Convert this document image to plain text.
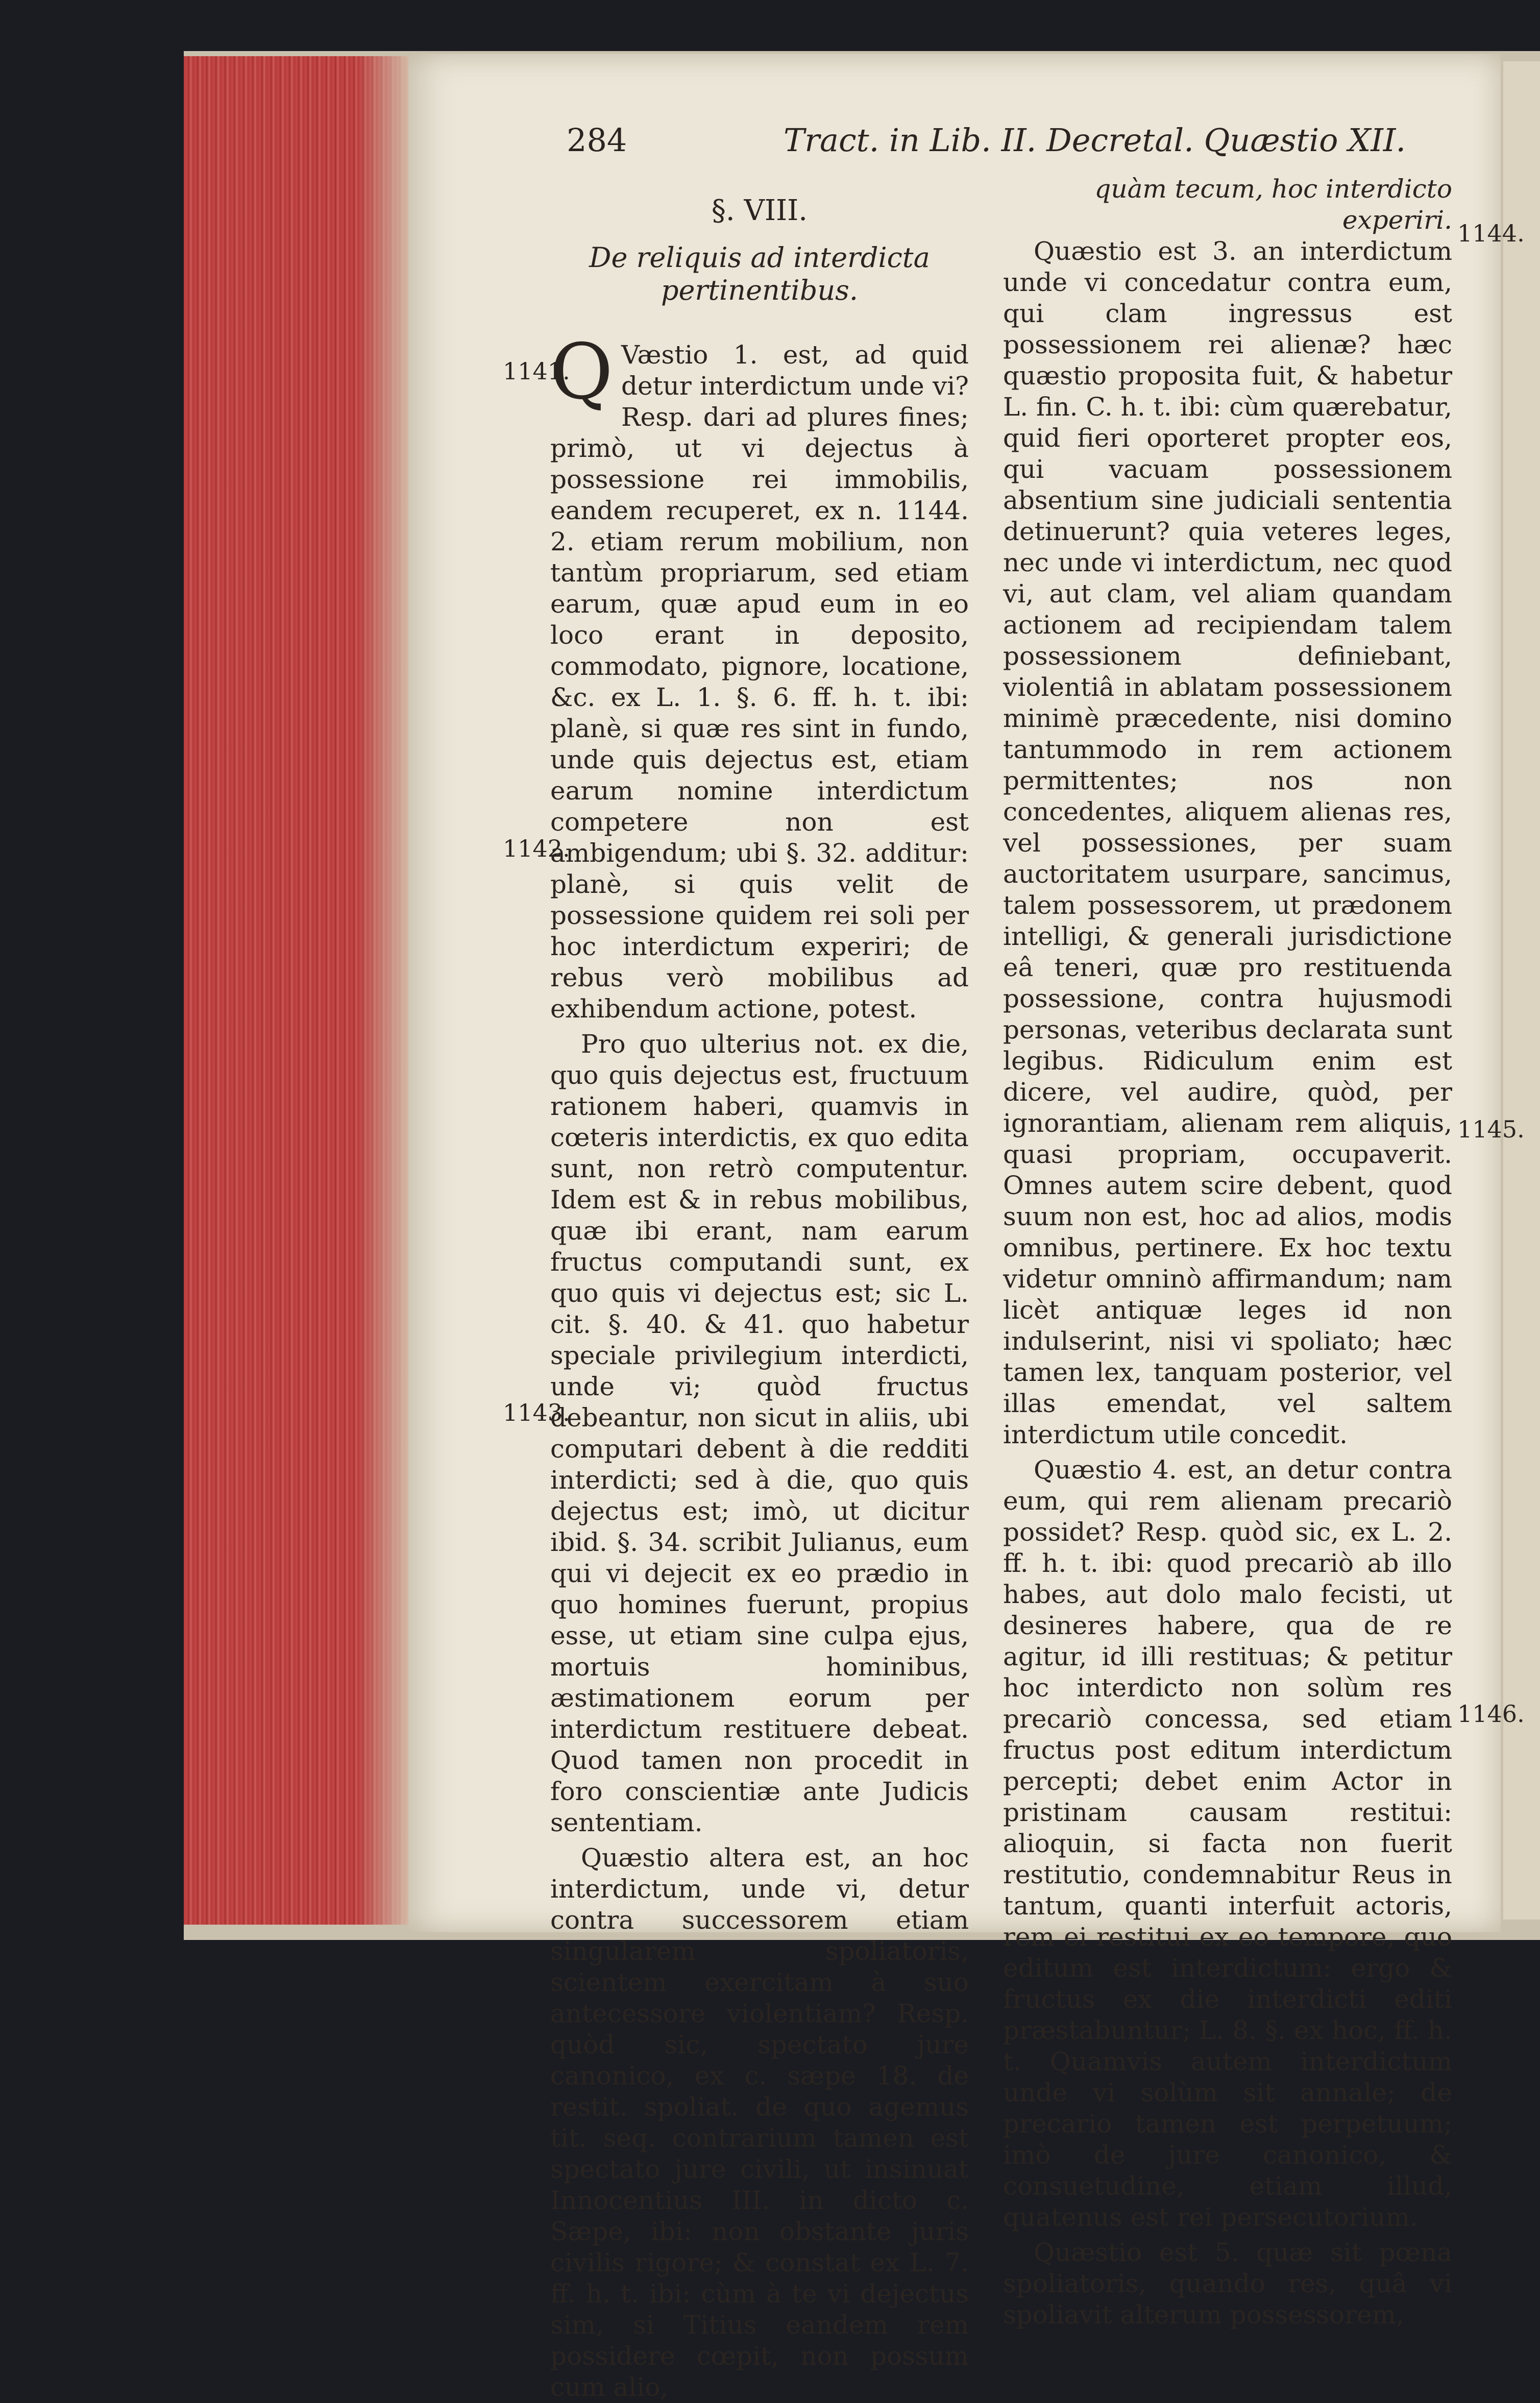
284	Tract. in Lib. II. Decretal. Quæstio XII.
1141.
1142.
1143.
1144.
1145.
1146.
§. VIII.
De reliquis ad interdicta pertinentibus.

Q Væstio 1. est, ad quid detur interdictum unde vi? Resp. dari ad plures fines; primò, ut vi dejectus à possessione rei immobilis, eandem recuperet, ex n. 1144. 2. etiam rerum mobilium, non tantùm propriarum, sed etiam earum, quæ apud eum in eo loco erant in deposito, commodato, pignore, locatione, &c. ex L. 1. §. 6. ff. h. t. ibi: planè, si quæ res sint in fundo, unde quis dejectus est, etiam earum nomine interdictum competere non est ambigendum; ubi §. 32. additur: planè, si quis velit de possessione quidem rei soli per hoc interdictum experiri; de rebus verò mobilibus ad exhibendum actione, potest.

Pro quo ulterius not. ex die, quo quis dejectus est, fructuum rationem haberi, quamvis in cœteris interdictis, ex quo edita sunt, non retrò computentur. Idem est & in rebus mobilibus, quæ ibi erant, nam earum fructus computandi sunt, ex quo quis vi dejectus est; sic L. cit. §. 40. & 41. quo habetur speciale privilegium interdicti, unde vi; quòd fructus debeantur, non sicut in aliis, ubi computari debent à die redditi interdicti; sed à die, quo quis dejectus est; imò, ut dicitur ibid. §. 34. scribit Julianus, eum qui vi dejecit ex eo prædio in quo homines fuerunt, propius esse, ut etiam sine culpa ejus, mortuis hominibus, æstimationem eorum per interdictum restituere debeat. Quod tamen non procedit in foro conscientiæ ante Judicis sententiam.

Quæstio altera est, an hoc interdictum, unde vi, detur contra successorem etiam singularem spoliatoris, scientem exercitam à suo antecessore violentiam? Resp. quòd sic, spectato jure canonico, ex c. sæpe 18. de restit. spoliat. de quo agemus tit. seq. contrarium tamen est spectato jure civili, ut insinuat Innocentius III. in dicto c. Sæpe, ibi: non obstante juris civilis rigore; & constat ex L. 7. ff. h. t. ibi: cùm à te vi dejectus sim, si Titius eandem rem possidere cœpit, non possum cum alio,

quàm tecum, hoc interdicto experiri.

Quæstio est 3. an interdictum unde vi concedatur contra eum, qui clam ingressus est possessionem rei alienæ? hæc quæstio proposita fuit, & habetur L. fin. C. h. t. ibi: cùm quærebatur, quid fieri oporteret propter eos, qui vacuam possessionem absentium sine judiciali sententia detinuerunt? quia veteres leges, nec unde vi interdictum, nec quod vi, aut clam, vel aliam quandam actionem ad recipiendam talem possessionem definiebant, violentiâ in ablatam possessionem minimè præcedente, nisi domino tantummodo in rem actionem permittentes; nos non concedentes, aliquem alienas res, vel possessiones, per suam auctoritatem usurpare, sancimus, talem possessorem, ut prædonem intelligi, & generali jurisdictione eâ teneri, quæ pro restituenda possessione, contra hujusmodi personas, veteribus declarata sunt legibus. Ridiculum enim est dicere, vel audire, quòd, per ignorantiam, alienam rem aliquis, quasi propriam, occupaverit. Omnes autem scire debent, quod suum non est, hoc ad alios, modis omnibus, pertinere. Ex hoc textu videtur omninò affirmandum; nam licèt antiquæ leges id non indulserint, nisi vi spoliato; hæc tamen lex, tanquam posterior, vel illas emendat, vel saltem interdictum utile concedit.

Quæstio 4. est, an detur contra eum, qui rem alienam precariò possidet? Resp. quòd sic, ex L. 2. ff. h. t. ibi: quod precariò ab illo habes, aut dolo malo fecisti, ut desineres habere, qua de re agitur, id illi restituas; & petitur hoc interdicto non solùm res precariò concessa, sed etiam fructus post editum interdictum percepti; debet enim Actor in pristinam causam restitui: alioquin, si facta non fuerit restitutio, condemnabitur Reus in tantum, quanti interfuit actoris, rem ei restitui ex eo tempore, quo editum est interdictum: ergo & fructus ex die interdicti editi præstabuntur; L. 8. §. ex hoc, ff. h. t. Quamvis autem interdictum unde vi solùm sit annale; de precario tamen est perpetuum; imò de jure canonico, & consuetudine, etiam illud, quatenus est rei persecutorium.

Quæstio est 5. quæ sit pœna spoliatoris, quando res, quâ vi spoliavit alterum possessorem,
